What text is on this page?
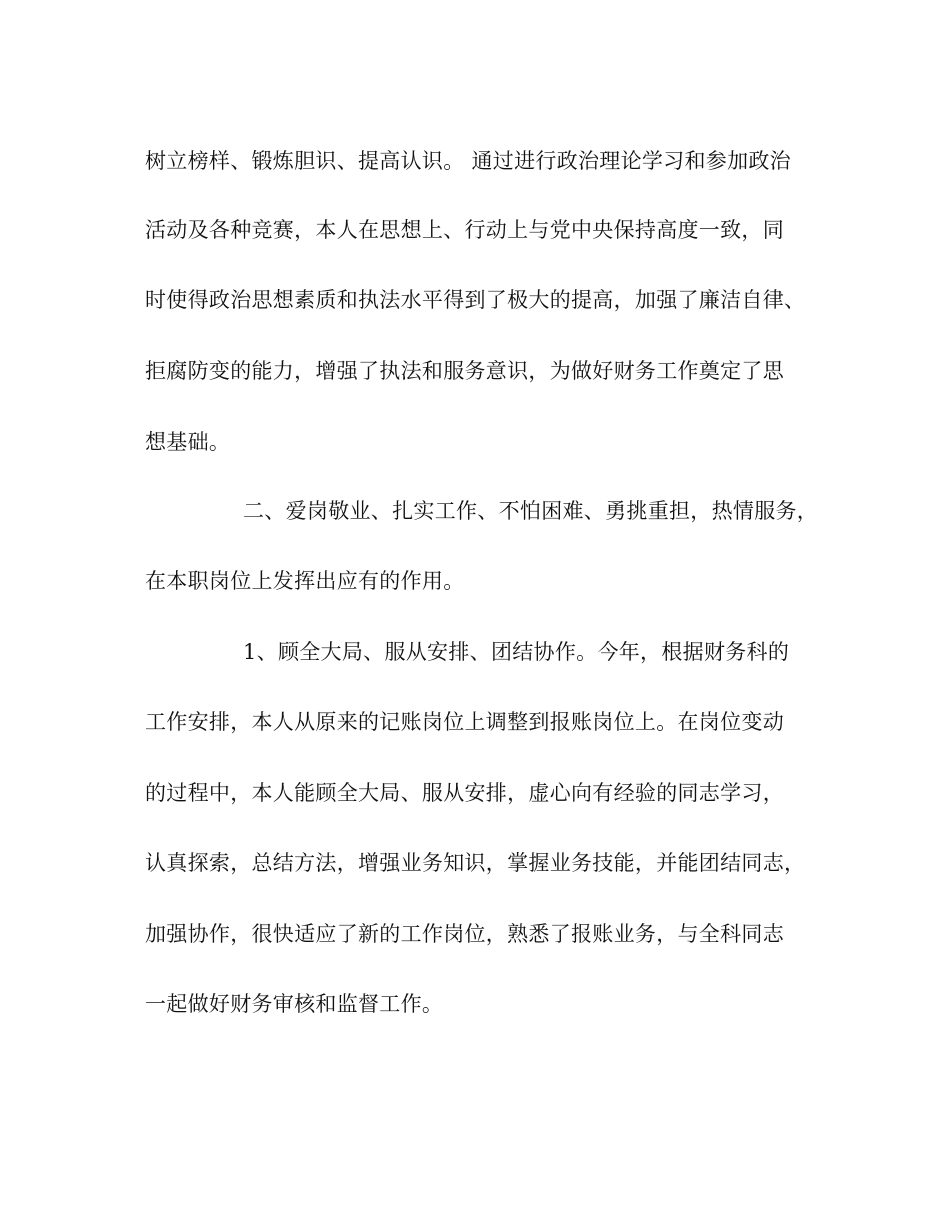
树立榜样、锻炼胆识、提高认识。 通过进行政治理论学习和参加政治
活动及各种竞赛，本人在思想上、行动上与党中央保持高度一致，同
时使得政治思想素质和执法水平得到了极大的提高，加强了廉洁自律、
拒腐防变的能力，增强了执法和服务意识，为做好财务工作奠定了思
想基础。
二、爱岗敬业、扎实工作、不怕困难、勇挑重担，热情服务，
在本职岗位上发挥出应有的作用。
1、顾全大局、服从安排、团结协作。今年，根据财务科的
工作安排，本人从原来的记账岗位上调整到报账岗位上。在岗位变动
的过程中，本人能顾全大局、服从安排，虚心向有经验的同志学习，
认真探索，总结方法，增强业务知识，掌握业务技能，并能团结同志，
加强协作，很快适应了新的工作岗位，熟悉了报账业务，与全科同志
一起做好财务审核和监督工作。
